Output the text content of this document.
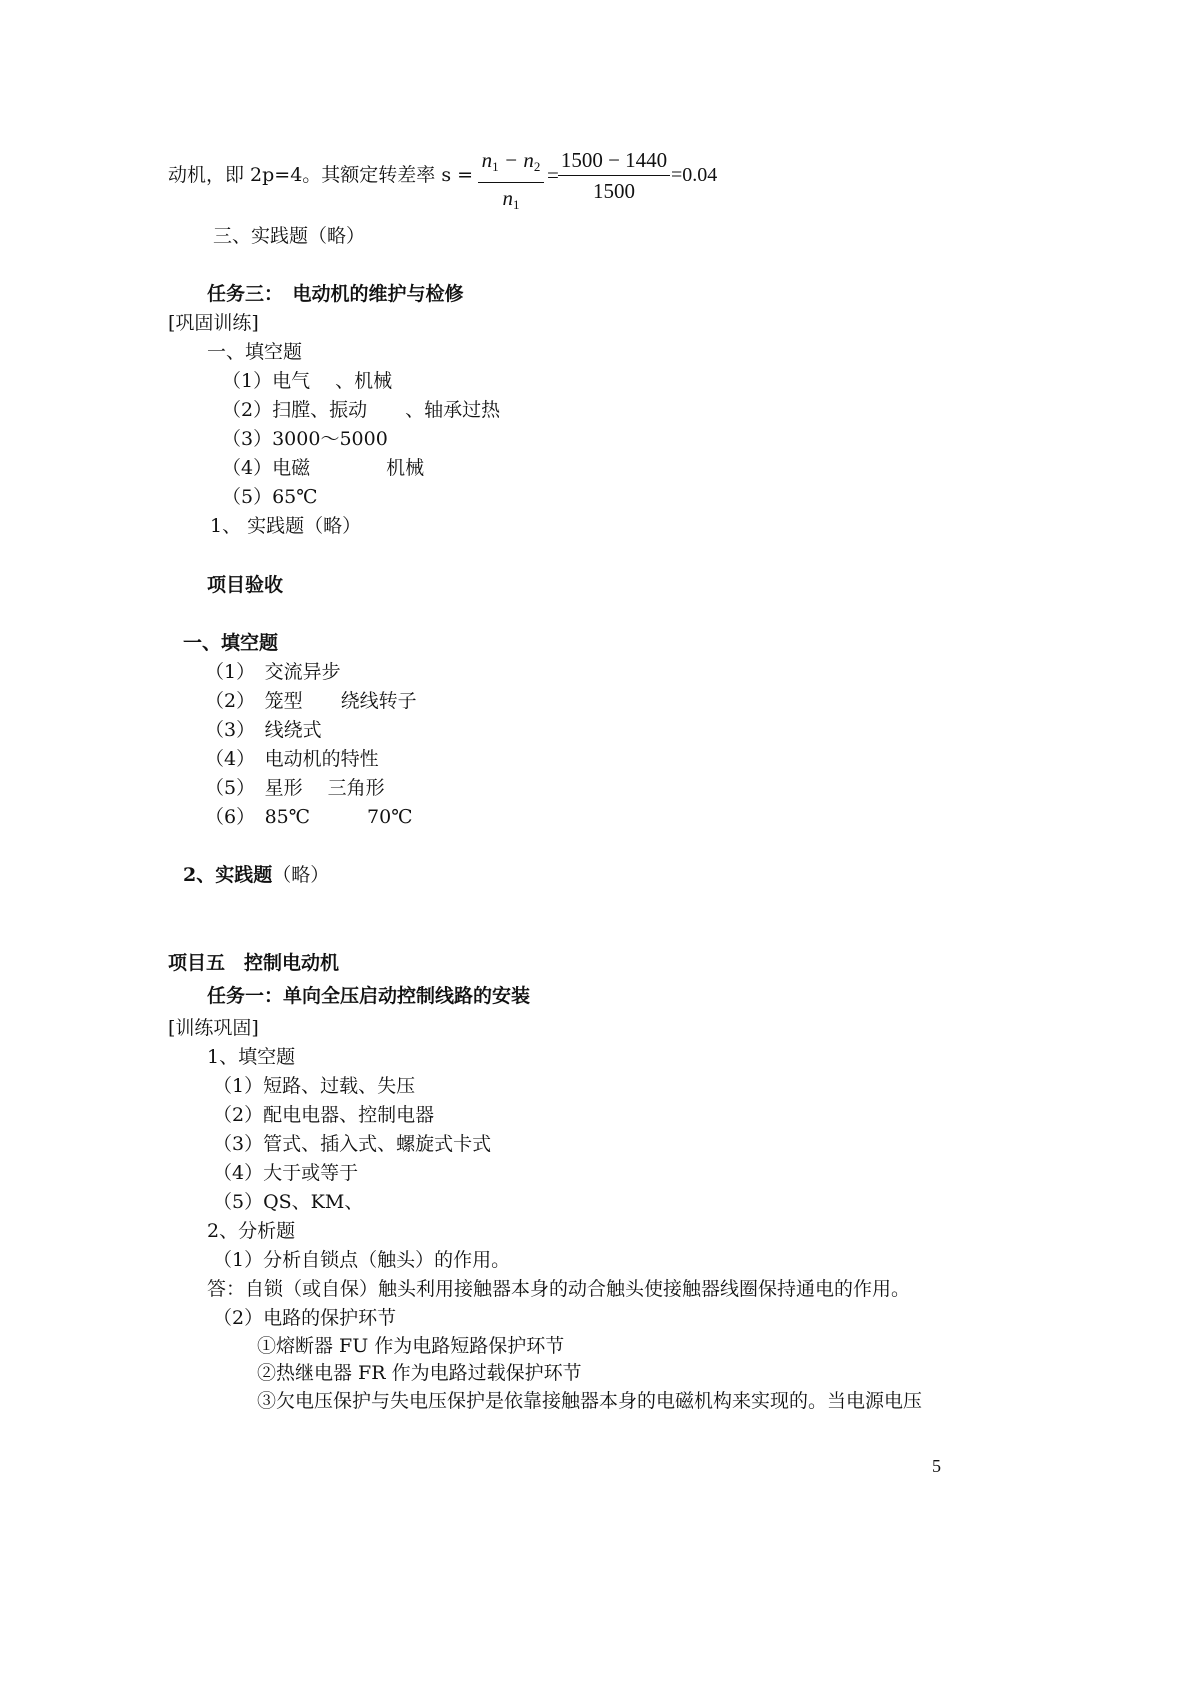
动机，即 2p=4。其额定转差率 s =
$n_1 - n_2$
$n_1$
=
1500 − 1440
1500
=0.04
三、实践题（略）
任务三：　电动机的维护与检修
[巩固训练]
一、填空题
（1）电气 　、机械
（2）扫膛、振动　　、轴承过热
（3）3000～5000
（4）电磁　　　　机械
（5）65℃
1、 实践题（略）
项目验收
一、填空题
（1）　交流异步
（2）　笼型　　绕线转子
（3）　线绕式
（4）　电动机的特性
（5）　星形　 三角形
（6）　85℃　　　70℃
2、实践题（略）
项目五　控制电动机
任务一：单向全压启动控制线路的安装
[训练巩固]
1、填空题
（1）短路、过载、失压
（2）配电电器、控制电器
（3）管式、插入式、螺旋式卡式
（4）大于或等于
（5）QS、KM、
2、分析题
（1）分析自锁点（触头）的作用。
答：自锁（或自保）触头利用接触器本身的动合触头使接触器线圈保持通电的作用。
（2）电路的保护环节
①熔断器 FU 作为电路短路保护环节
②热继电器 FR 作为电路过载保护环节
③欠电压保护与失电压保护是依靠接触器本身的电磁机构来实现的。当电源电压
5
